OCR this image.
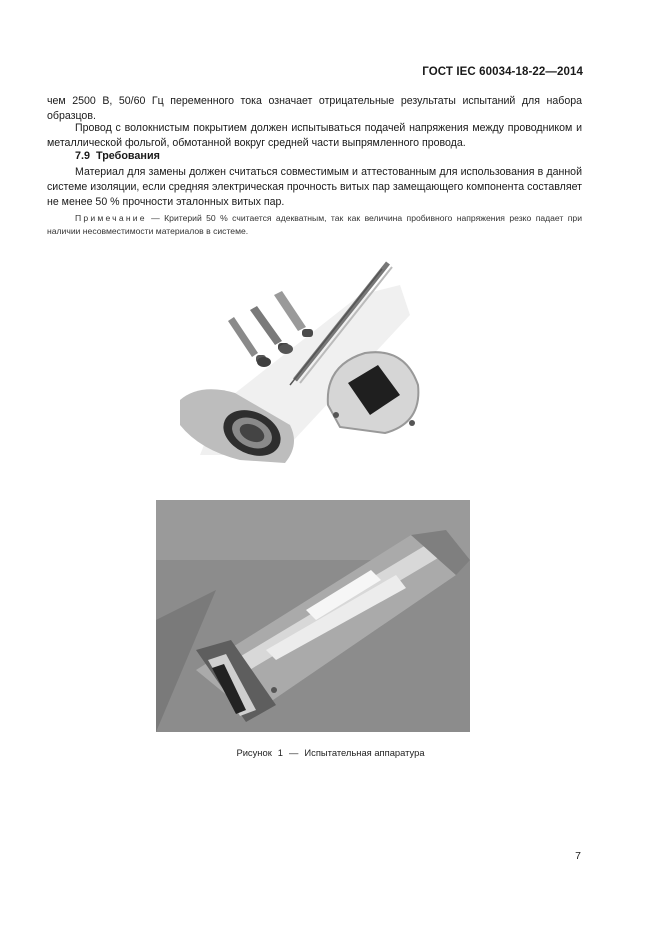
ГОСТ IEC 60034-18-22—2014
чем 2500 В, 50/60 Гц переменного тока означает отрицательные результаты испытаний для набора образцов.
Провод с волокнистым покрытием должен испытываться подачей напряжения между проводником и металлической фольгой, обмотанной вокруг средней части выпрямленного провода.
7.9 Требования
Материал для замены должен считаться совместимым и аттестованным для использования в данной системе изоляции, если средняя электрическая прочность витых пар замещающего компонента составляет не менее 50 % прочности эталонных витых пар.
Примечание — Критерий 50 % считается адекватным, так как величина пробивного напряжения резко падает при наличии несовместимости материалов в системе.
Рисунок 1 — Испытательная аппаратура
7
